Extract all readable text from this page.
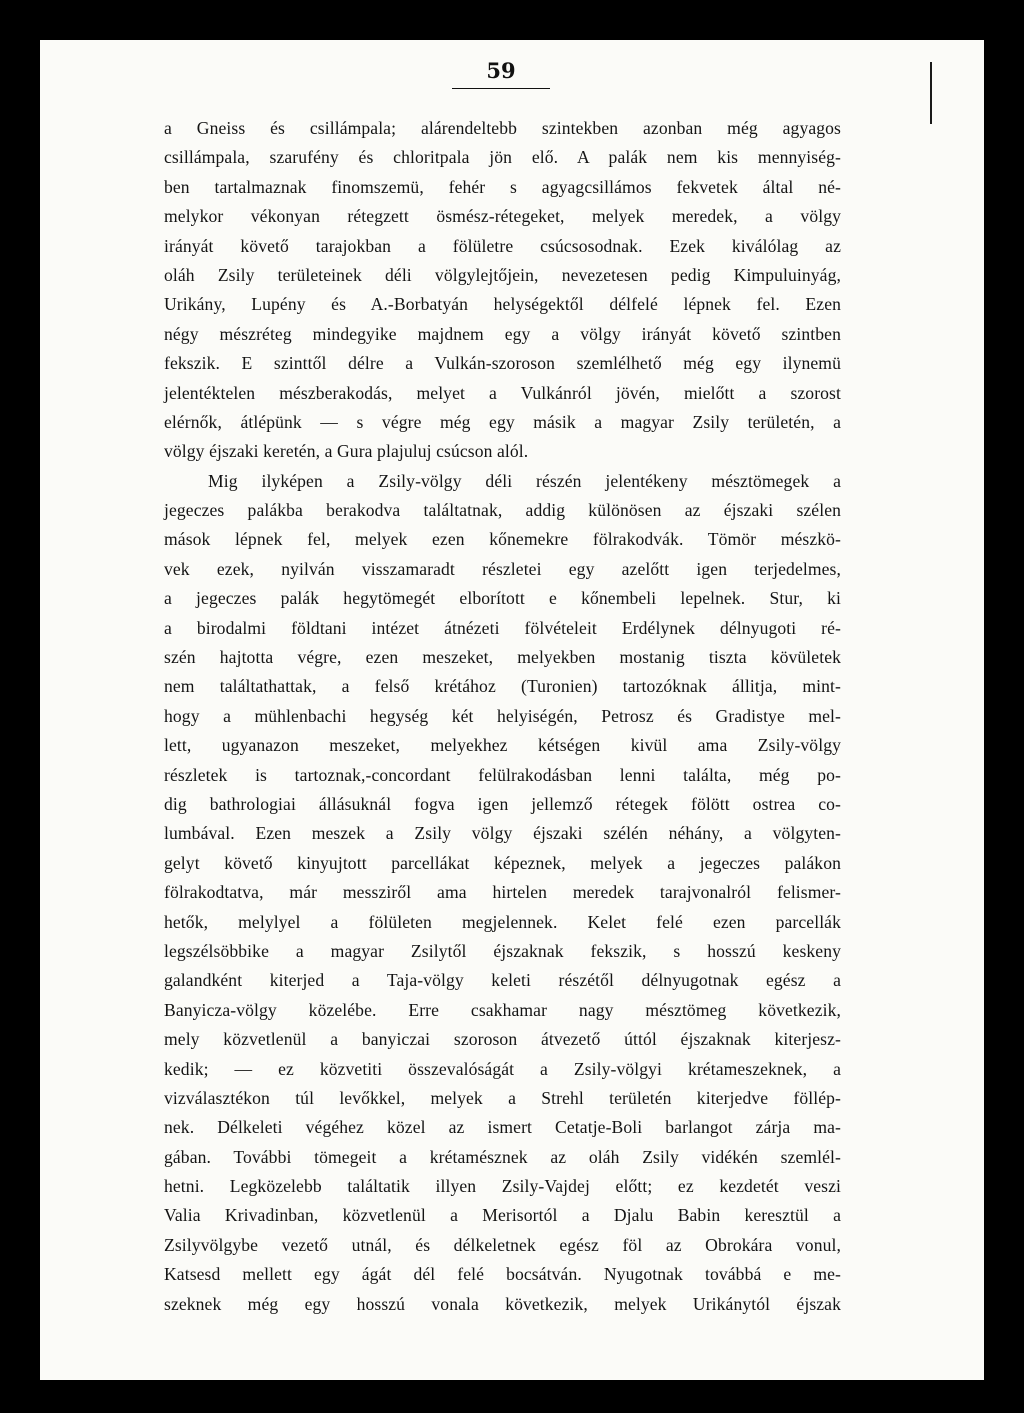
59
a Gneiss és csillámpala; alárendeltebb szintekben azonban még agyagos
csillámpala, szarufény és chloritpala jön elő. A palák nem kis mennyiség-
ben tartalmaznak finomszemü, fehér s agyagcsillámos fekvetek által né-
melykor vékonyan rétegzett ösmész-rétegeket, melyek meredek, a völgy
irányát követő tarajokban a fölületre csúcsosodnak. Ezek kiválólag az
oláh Zsily területeinek déli völgylejtőjein, nevezetesen pedig Kimpuluinyág,
Urikány, Lupény és A.-Borbatyán helységektől délfelé lépnek fel. Ezen
négy mészréteg mindegyike majdnem egy a völgy irányát követő szintben
fekszik. E szinttől délre a Vulkán-szoroson szemlélhető még egy ilynemü
jelentéktelen mészberakodás, melyet a Vulkánról jövén, mielőtt a szorost
elérnők, átlépünk — s végre még egy másik a magyar Zsily területén, a
völgy éjszaki keretén, a Gura plajuluj csúcson alól.
Mig ilyképen a Zsily-völgy déli részén jelentékeny mésztömegek a
jegeczes palákba berakodva találtatnak, addig különösen az éjszaki szélen
mások lépnek fel, melyek ezen kőnemekre fölrakodvák. Tömör mészkö-
vek ezek, nyilván visszamaradt részletei egy azelőtt igen terjedelmes,
a jegeczes palák hegytömegét elborított e kőnembeli lepelnek. Stur, ki
a birodalmi földtani intézet átnézeti fölvételeit Erdélynek délnyugoti ré-
szén hajtotta végre, ezen meszeket, melyekben mostanig tiszta kövületek
nem találtathattak, a felső krétához (Turonien) tartozóknak állitja, mint-
hogy a mühlenbachi hegység két helyiségén, Petrosz és Gradistye mel-
lett, ugyanazon meszeket, melyekhez kétségen kivül ama Zsily-völgy
részletek is tartoznak,-concordant felülrakodásban lenni találta, még po-
dig bathrologiai állásuknál fogva igen jellemző rétegek fölött ostrea co-
lumbával. Ezen meszek a Zsily völgy éjszaki szélén néhány, a völgyten-
gelyt követő kinyujtott parcellákat képeznek, melyek a jegeczes palákon
fölrakodtatva, már messziről ama hirtelen meredek tarajvonalról felismer-
hetők, melylyel a fölületen megjelennek. Kelet felé ezen parcellák
legszélsöbbike a magyar Zsilytől éjszaknak fekszik, s hosszú keskeny
galandként kiterjed a Taja-völgy keleti részétől délnyugotnak egész a
Banyicza-völgy közelébe. Erre csakhamar nagy mésztömeg következik,
mely közvetlenül a banyiczai szoroson átvezető úttól éjszaknak kiterjesz-
kedik; — ez közvetiti összevalóságát a Zsily-völgyi krétameszeknek, a
vizválasztékon túl levőkkel, melyek a Strehl területén kiterjedve föllép-
nek. Délkeleti végéhez közel az ismert Cetatje-Boli barlangot zárja ma-
gában. További tömegeit a krétamésznek az oláh Zsily vidékén szemlél-
hetni. Legközelebb találtatik illyen Zsily-Vajdej előtt; ez kezdetét veszi
Valia Krivadinban, közvetlenül a Merisortól a Djalu Babin keresztül a
Zsilyvölgybe vezető utnál, és délkeletnek egész föl az Obrokára vonul,
Katsesd mellett egy ágát dél felé bocsátván. Nyugotnak továbbá e me-
szeknek még egy hosszú vonala következik, melyek Urikánytól éjszak
